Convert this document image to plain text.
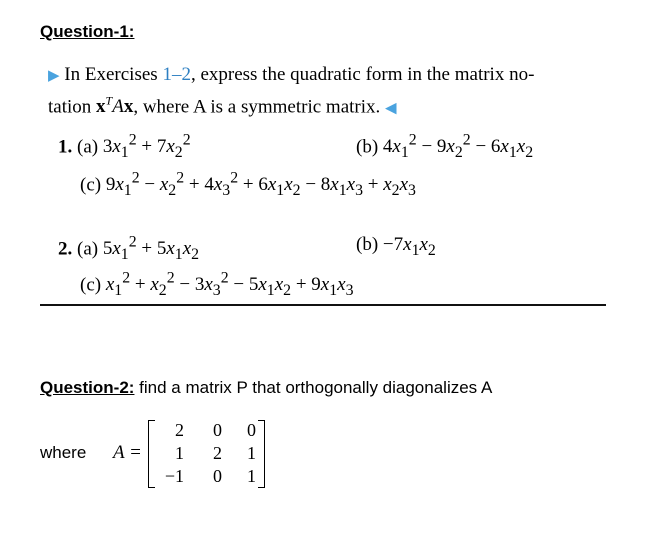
Question-1:
▶ In Exercises 1–2, express the quadratic form in the matrix no-
tation $x^TAx$, where A is a symmetric matrix. ◀
1. (a) $3x_1^2 + 7x_2^2$	(b) $4x_1^2 - 9x_2^2 - 6x_1x_2$
(c) $9x_1^2 - x_2^2 + 4x_3^2 + 6x_1x_2 - 8x_1x_3 + x_2x_3$
2. (a) $5x_1^2 + 5x_1x_2$	$(b) -7x_1x_2$
(c) $x_1^2 + x_2^2 - 3x_3^2 - 5x_1x_2 + 9x_1x_3$
Question-2: find a matrix P that orthogonally diagonalizes A
where A =
2	0	0
1	2	1
−1	0	1
